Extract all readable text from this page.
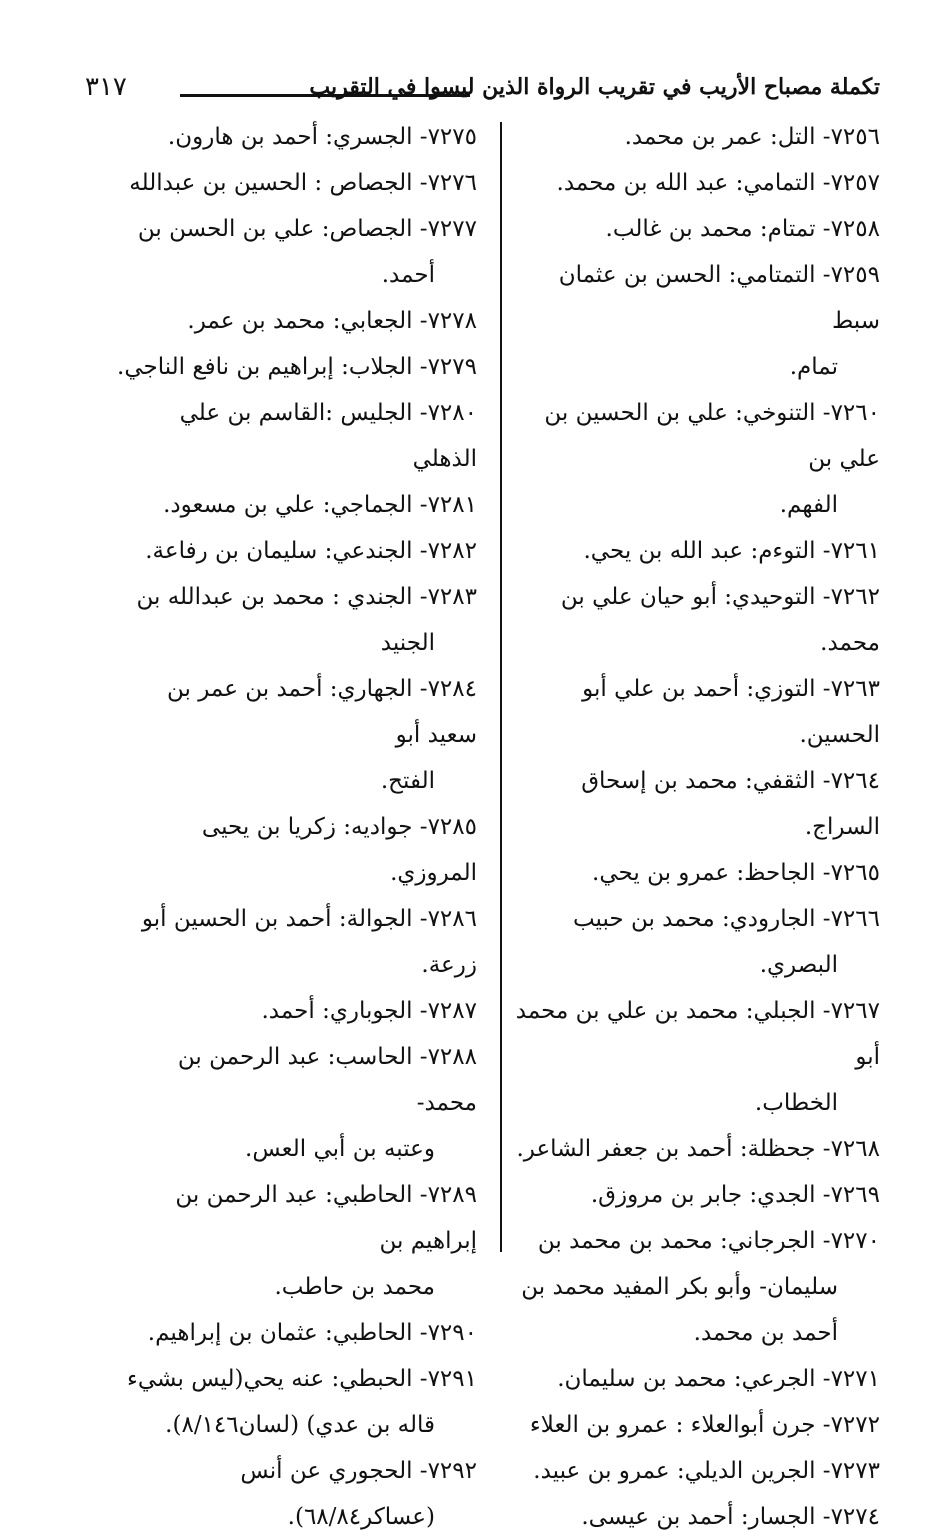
تكملة مصباح الأريب في تقريب الرواة الذين ليسوا في التقريب
٣١٧

٧٢٥٦- التل: عمر بن محمد.

٧٢٥٧- التمامي: عبد الله بن محمد.

٧٢٥٨- تمتام: محمد بن غالب.

٧٢٥٩- التمتامي: الحسن بن عثمان سبط
تمام.

٧٢٦٠- التنوخي: علي بن الحسين بن علي بن
الفهم.

٧٢٦١- التوءم: عبد الله بن يحي.

٧٢٦٢- التوحيدي: أبو حيان علي بن محمد.

٧٢٦٣- التوزي: أحمد بن علي أبو الحسين.

٧٢٦٤- الثقفي: محمد بن إسحاق السراج.

٧٢٦٥- الجاحظ: عمرو بن يحي.

٧٢٦٦- الجارودي: محمد بن حبيب
البصري.

٧٢٦٧- الجبلي: محمد بن علي بن محمد أبو
الخطاب.

٧٢٦٨- جحظلة: أحمد بن جعفر الشاعر.

٧٢٦٩- الجدي: جابر بن مروزق.

٧٢٧٠- الجرجاني: محمد بن محمد بن
سليمان- وأبو بكر المفيد محمد بن
أحمد بن محمد.

٧٢٧١- الجرعي: محمد بن سليمان.

٧٢٧٢- جرن أبوالعلاء : عمرو بن العلاء

٧٢٧٣- الجرين الديلي: عمرو بن عبيد.

٧٢٧٤- الجسار: أحمد بن عيسى.

٧٢٧٥- الجسري: أحمد بن هارون.

٧٢٧٦- الجصاص : الحسين بن عبدالله

٧٢٧٧- الجصاص: علي بن الحسن بن
أحمد.

٧٢٧٨- الجعابي: محمد بن عمر.

٧٢٧٩- الجلاب: إبراهيم بن نافع الناجي.

٧٢٨٠- الجليس :القاسم بن علي الذهلي

٧٢٨١- الجماجي: علي بن مسعود.

٧٢٨٢- الجندعي: سليمان بن رفاعة.

٧٢٨٣- الجندي : محمد بن عبدالله بن
الجنيد

٧٢٨٤- الجهاري: أحمد بن عمر بن سعيد أبو
الفتح.

٧٢٨٥- جواديه: زكريا بن يحيى المروزي.

٧٢٨٦- الجوالة: أحمد بن الحسين أبو زرعة.

٧٢٨٧- الجوباري: أحمد.

٧٢٨٨- الحاسب: عبد الرحمن بن محمد-
وعتبه بن أبي العس.

٧٢٨٩- الحاطبي: عبد الرحمن بن إبراهيم بن
محمد بن حاطب.

٧٢٩٠- الحاطبي: عثمان بن إبراهيم.

٧٢٩١- الحبطي: عنه يحي(ليس بشيء
قاله بن عدي) (لسان٨/١٤٦).

٧٢٩٢- الحجوري عن أنس
(عساكر٦٨/٨٤).
